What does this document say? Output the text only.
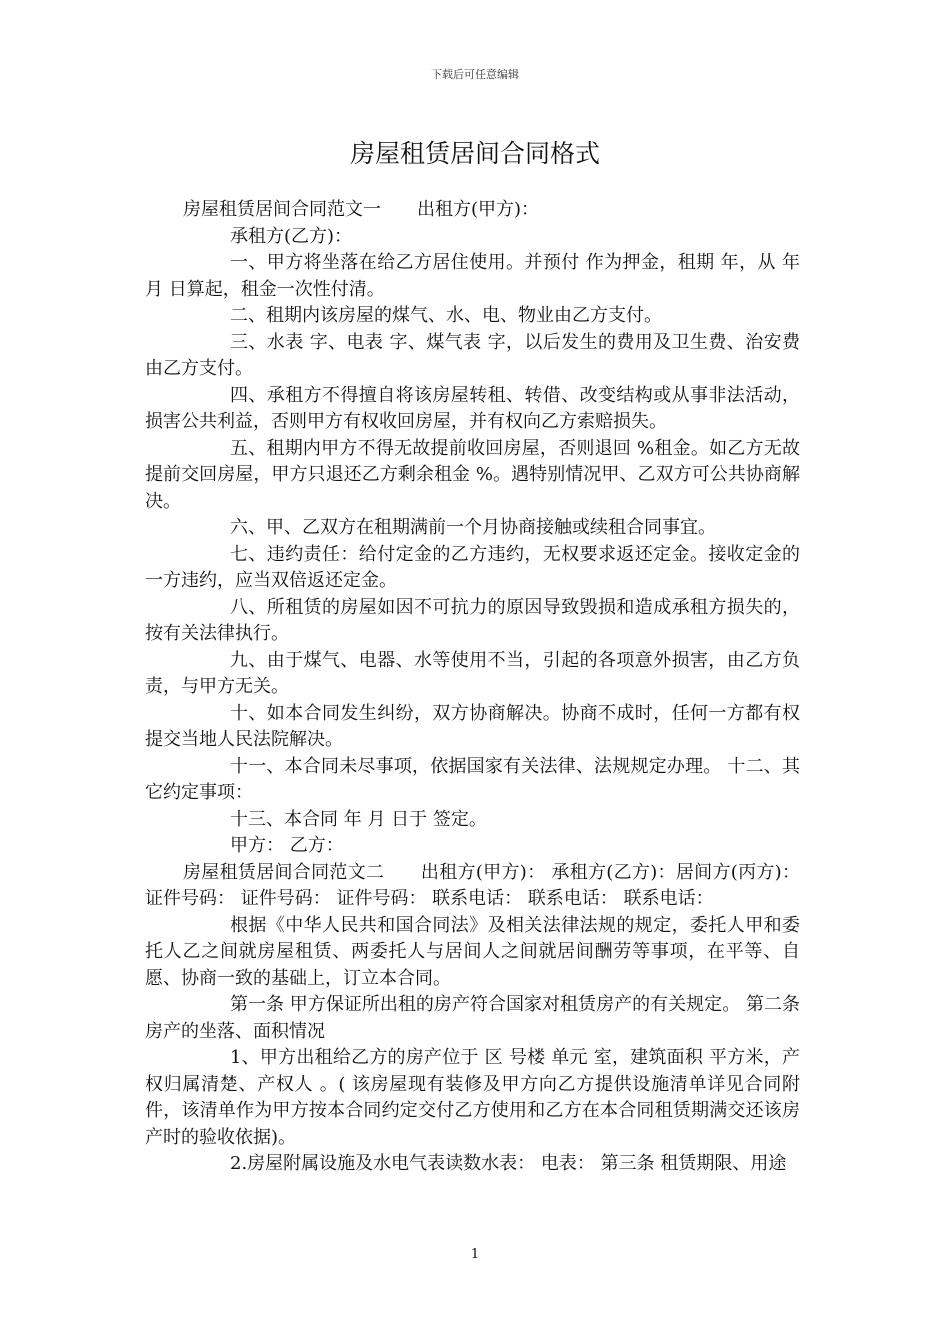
下载后可任意编辑
房屋租赁居间合同格式

房屋租赁居间合同范文一　　出租方(甲方)：

承租方(乙方)：

一、甲方将坐落在给乙方居住使用。并预付 作为押金，租期 年，从 年 月 日算起，租金一次性付清。

二、租期内该房屋的煤气、水、电、物业由乙方支付。

三、水表 字、电表 字、煤气表 字，以后发生的费用及卫生费、治安费由乙方支付。

四、承租方不得擅自将该房屋转租、转借、改变结构或从事非法活动，损害公共利益，否则甲方有权收回房屋，并有权向乙方索赔损失。

五、租期内甲方不得无故提前收回房屋，否则退回 %租金。如乙方无故提前交回房屋，甲方只退还乙方剩余租金 %。遇特别情况甲、乙双方可公共协商解决。

六、甲、乙双方在租期满前一个月协商接触或续租合同事宜。

七、违约责任：给付定金的乙方违约，无权要求返还定金。接收定金的一方违约，应当双倍返还定金。

八、所租赁的房屋如因不可抗力的原因导致毁损和造成承租方损失的，按有关法律执行。

九、由于煤气、电器、水等使用不当，引起的各项意外损害，由乙方负责，与甲方无关。

十、如本合同发生纠纷，双方协商解决。协商不成时，任何一方都有权提交当地人民法院解决。

十一、本合同未尽事项，依据国家有关法律、法规规定办理。 十二、其它约定事项：

十三、本合同 年 月 日于 签定。

甲方： 乙方：

房屋租赁居间合同范文二　　出租方(甲方)： 承租方(乙方)：居间方(丙方)： 证件号码： 证件号码： 证件号码： 联系电话： 联系电话： 联系电话：

根据《中华人民共和国合同法》及相关法律法规的规定，委托人甲和委托人乙之间就房屋租赁、两委托人与居间人之间就居间酬劳等事项，在平等、自愿、协商一致的基础上，订立本合同。

第一条 甲方保证所出租的房产符合国家对租赁房产的有关规定。 第二条 房产的坐落、面积情况

1、甲方出租给乙方的房产位于 区 号楼 单元 室，建筑面积 平方米，产权归属清楚、产权人 。( 该房屋现有装修及甲方向乙方提供设施清单详见合同附件，该清单作为甲方按本合同约定交付乙方使用和乙方在本合同租赁期满交还该房产时的验收依据)。

2.房屋附属设施及水电气表读数水表： 电表： 第三条 租赁期限、用途

1
